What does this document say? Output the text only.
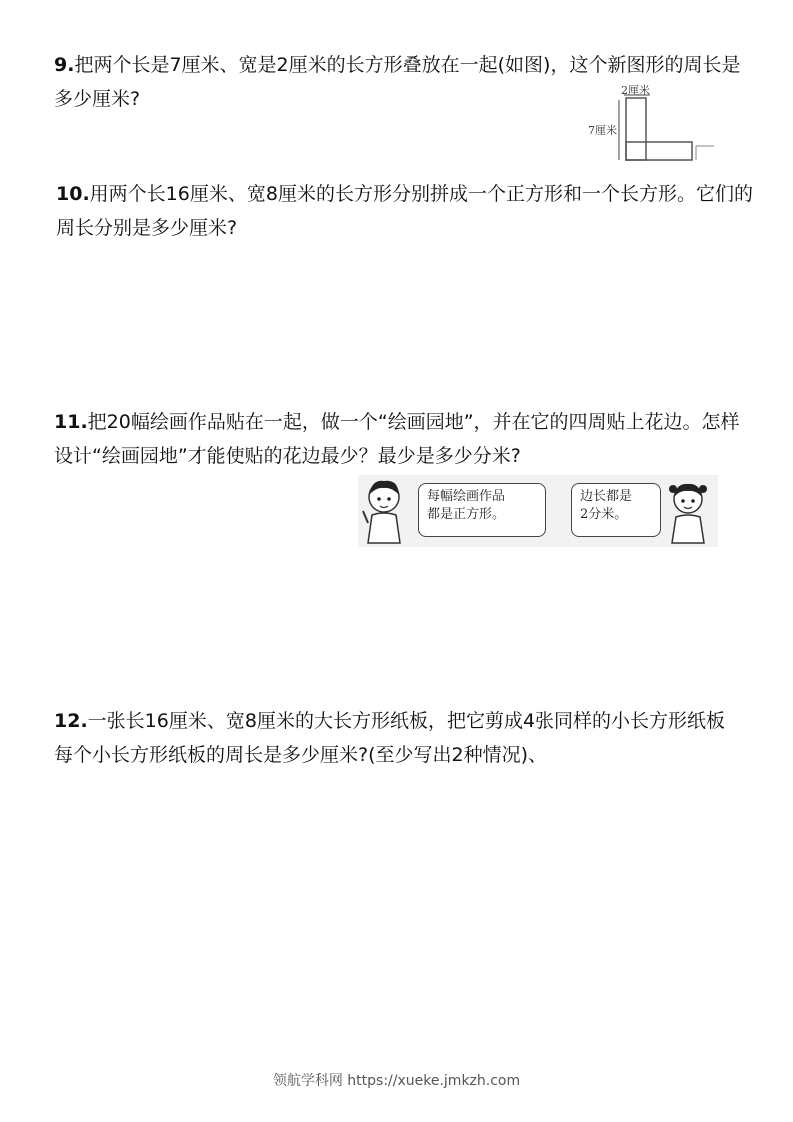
9.把两个长是7厘米、宽是2厘米的长方形叠放在一起(如图)，这个新图形的周长是多少厘米?	2厘米
7厘米
10.用两个长16厘米、宽8厘米的长方形分别拼成一个正方形和一个长方形。它们的周长分别是多少厘米?
11.把20幅绘画作品贴在一起，做一个“绘画园地”，并在它的四周贴上花边。怎样设计“绘画园地”才能使贴的花边最少？最少是多少分米?
每幅绘画作品
都是正方形。
边长都是
2分米。
12.一张长16厘米、宽8厘米的大长方形纸板，把它剪成4张同样的小长方形纸板　每个小长方形纸板的周长是多少厘米?(至少写出2种情况)、
领航学科网 https://xueke.jmkzh.com
